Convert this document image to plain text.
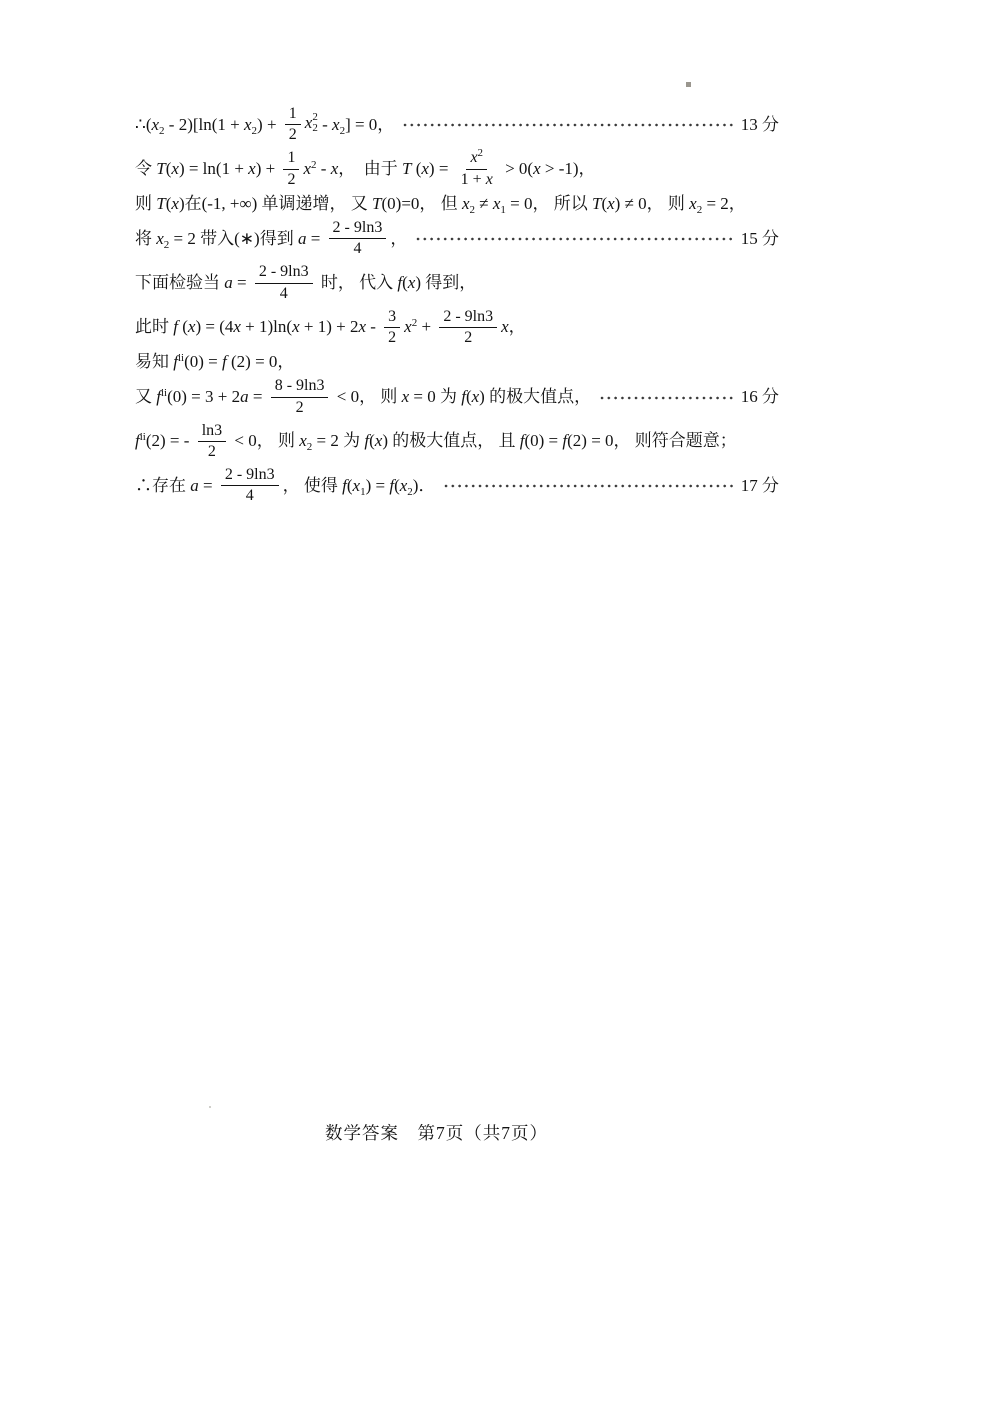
∴( $x_2 - 2)[\ln(1 + x_2$ ) + $\frac{1}{2}$ x 2
$2 - x_2$ ] = 0，	13 分
令 T ( x ) = ln(1 + x ) + $\frac{1}{2} x^2$ - x ，  由于 T ( x ) = $\frac{x^2}{1 + x} > 0$( x > -1)，
则 T ( x )在(-1, +∞) 单调递增， 又 T (0)=0， 但 $x_2 \ne x_1 = 0$， 所以 T ( x ) ≠ 0， 则 $x_2 = 2$，
将 $x_2 = 2$ 带入(∗)得到 $a = \frac{2 - 9\ln 3}{4}$ ，	15 分
下面检验当 $a = \frac{2 - 9\ln 3}{4}$ 时， 代入 f ( x ) 得到，
此时 f ( x ) = (4 x + 1)ln( x + 1) + 2 $x - \frac{3}{2} x^2 + \frac{2 - 9\ln 3}{2}$ x ，
易知 $f^{ii}$ (0) = f (2) = 0，
又 $f^{ii}$ (0) = 3 + 2 $a = \frac{8 - 9\ln 3}{2} < 0$， 则 x = 0 为 f ( x ) 的极大值点，	16 分
$f^{ii}$ (2) = - $\frac{\ln 3}{2} < 0$， 则 $x_2 = 2$ 为 f ( x ) 的极大值点， 且 f (0) = f (2) = 0， 则符合题意；
∴存在 $a = \frac{2 - 9\ln 3}{4}$ ， 使得 f ( $x_1$ ) = f ( $x_2$ )．	17 分
数学答案　第7页（共7页）
